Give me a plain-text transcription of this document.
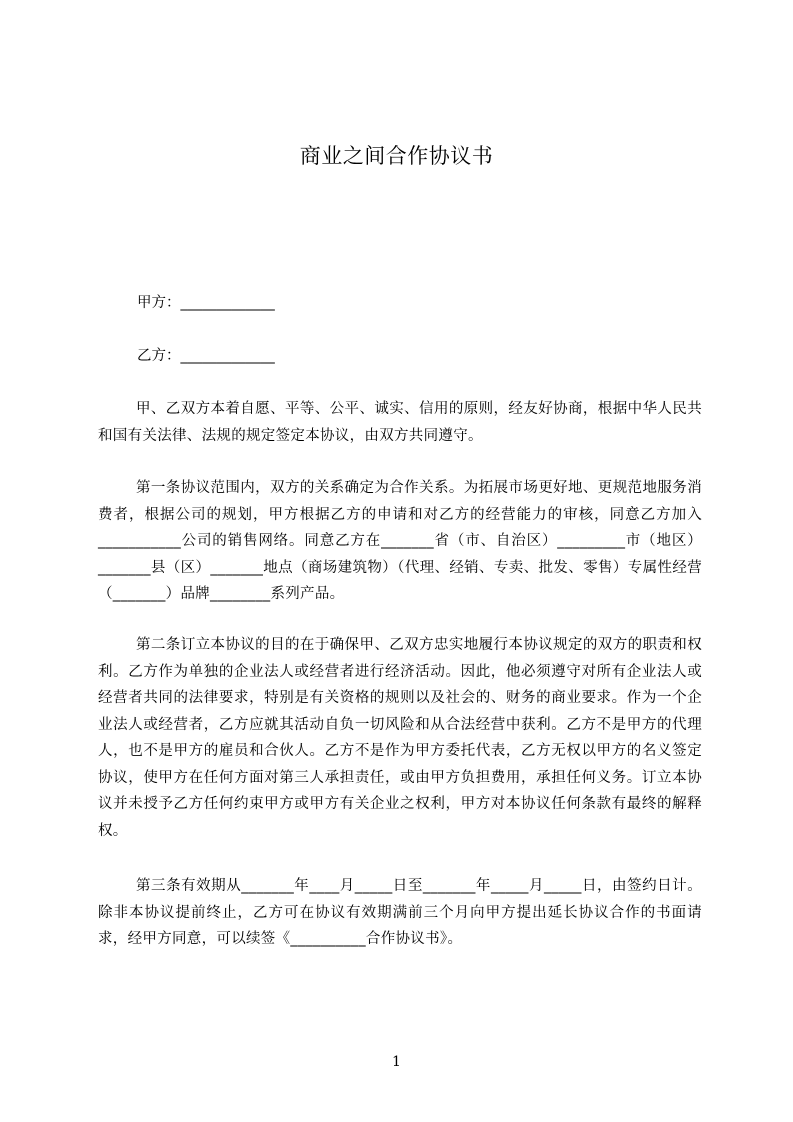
商业之间合作协议书
甲方：_____________
乙方：_____________

甲、乙双方本着自愿、平等、公平、诚实、信用的原则，经友好协商，根据中华人民共和国有关法律、法规的规定签定本协议，由双方共同遵守。

第一条协议范围内，双方的关系确定为合作关系。为拓展市场更好地、更规范地服务消费者，根据公司的规划，甲方根据乙方的申请和对乙方的经营能力的审核，同意乙方加入___________公司的销售网络。同意乙方在_______省（市、自治区）_________市（地区）_______县（区）_______地点（商场建筑物）（代理、经销、专卖、批发、零售）专属性经营（_______）品牌________系列产品。

第二条订立本协议的目的在于确保甲、乙双方忠实地履行本协议规定的双方的职责和权利。乙方作为单独的企业法人或经营者进行经济活动。因此，他必须遵守对所有企业法人或经营者共同的法律要求，特别是有关资格的规则以及社会的、财务的商业要求。作为一个企业法人或经营者，乙方应就其活动自负一切风险和从合法经营中获利。乙方不是甲方的代理人，也不是甲方的雇员和合伙人。乙方不是作为甲方委托代表，乙方无权以甲方的名义签定协议，使甲方在任何方面对第三人承担责任，或由甲方负担费用，承担任何义务。订立本协议并未授予乙方任何约束甲方或甲方有关企业之权利，甲方对本协议任何条款有最终的解释权。

第三条有效期从_______年____月_____日至_______年_____月_____日，由签约日计。除非本协议提前终止，乙方可在协议有效期满前三个月向甲方提出延长协议合作的书面请求，经甲方同意，可以续签《__________合作协议书》。

1
